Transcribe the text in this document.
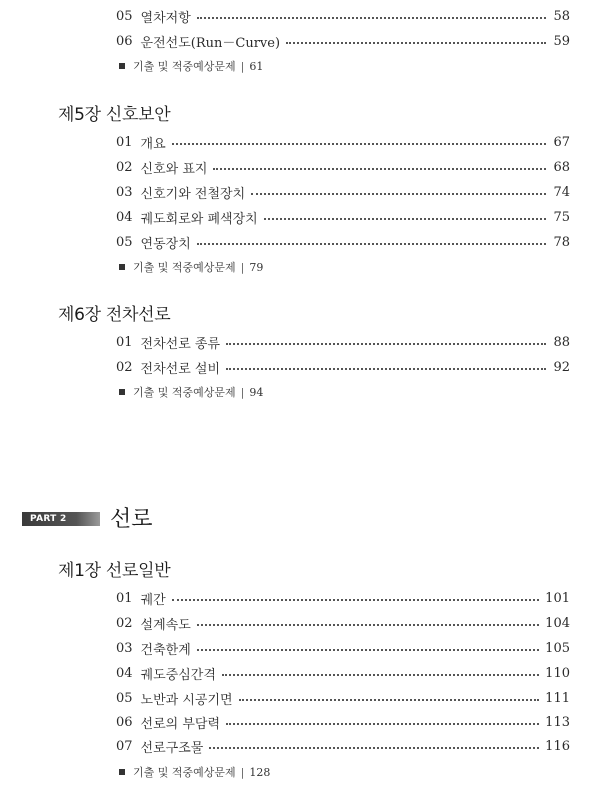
05 열차저항	58
06 운전선도(Run－Curve)	59
기출 및 적중예상문제 | 61
제5장 신호보안
01 개요	67
02 신호와 표지	68
03 신호기와 전철장치	74
04 궤도회로와 폐색장치	75
05 연동장치	78
기출 및 적중예상문제 | 79
제6장 전차선로
01 전차선로 종류	88
02 전차선로 설비	92
기출 및 적중예상문제 | 94
PART 2	선로
제1장 선로일반
01 궤간	101
02 설계속도	104
03 건축한계	105
04 궤도중심간격	110
05 노반과 시공기면	111
06 선로의 부담력	113
07 선로구조물	116
기출 및 적중예상문제 | 128
